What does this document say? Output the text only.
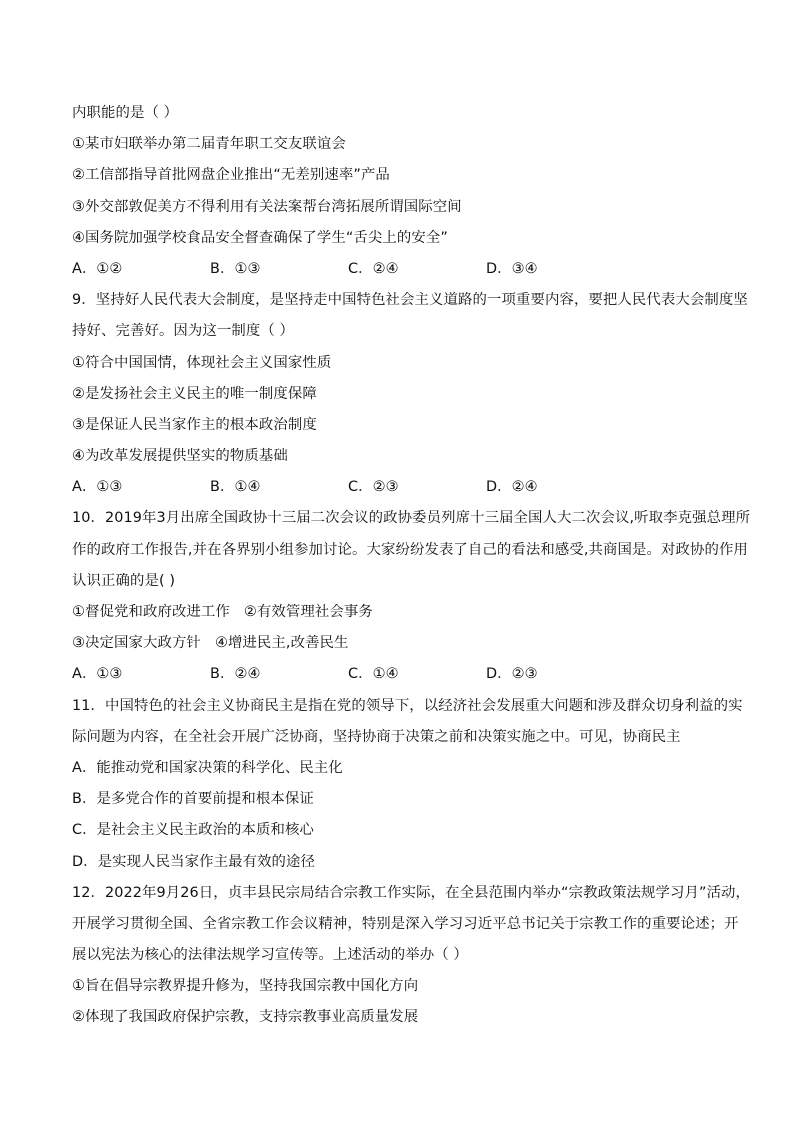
内职能的是（ ）
①某市妇联举办第二届青年职工交友联谊会
②工信部指导首批网盘企业推出“无差别速率”产品
③外交部敦促美方不得利用有关法案帮台湾拓展所谓国际空间
④国务院加强学校食品安全督查确保了学生“舌尖上的安全”
A．①②	B．①③	C．②④	D．③④
9．坚持好人民代表大会制度，是坚持走中国特色社会主义道路的一项重要内容，要把人民代表大会制度坚
持好、完善好。因为这一制度（ ）
①符合中国国情，体现社会主义国家性质
②是发扬社会主义民主的唯一制度保障
③是保证人民当家作主的根本政治制度
④为改革发展提供坚实的物质基础
A．①③	B．①④	C．②③	D．②④
10．2019年3月出席全国政协十三届二次会议的政协委员列席十三届全国人大二次会议,听取李克强总理所
作的政府工作报告,并在各界别小组参加讨论。大家纷纷发表了自己的看法和感受,共商国是。对政协的作用
认识正确的是( )
①督促党和政府改进工作 ②有效管理社会事务
③决定国家大政方针 ④增进民主,改善民生
A．①③	B．②④	C．①④	D．②③
11．中国特色的社会主义协商民主是指在党的领导下，以经济社会发展重大问题和涉及群众切身利益的实
际问题为内容，在全社会开展广泛协商，坚持协商于决策之前和决策实施之中。可见，协商民主
A．能推动党和国家决策的科学化、民主化
B．是多党合作的首要前提和根本保证
C．是社会主义民主政治的本质和核心
D．是实现人民当家作主最有效的途径
12．2022年9月26日，贞丰县民宗局结合宗教工作实际，在全县范围内举办“宗教政策法规学习月”活动，
开展学习贯彻全国、全省宗教工作会议精神，特别是深入学习习近平总书记关于宗教工作的重要论述；开
展以宪法为核心的法律法规学习宣传等。上述活动的举办（ ）
①旨在倡导宗教界提升修为，坚持我国宗教中国化方向
②体现了我国政府保护宗教，支持宗教事业高质量发展
